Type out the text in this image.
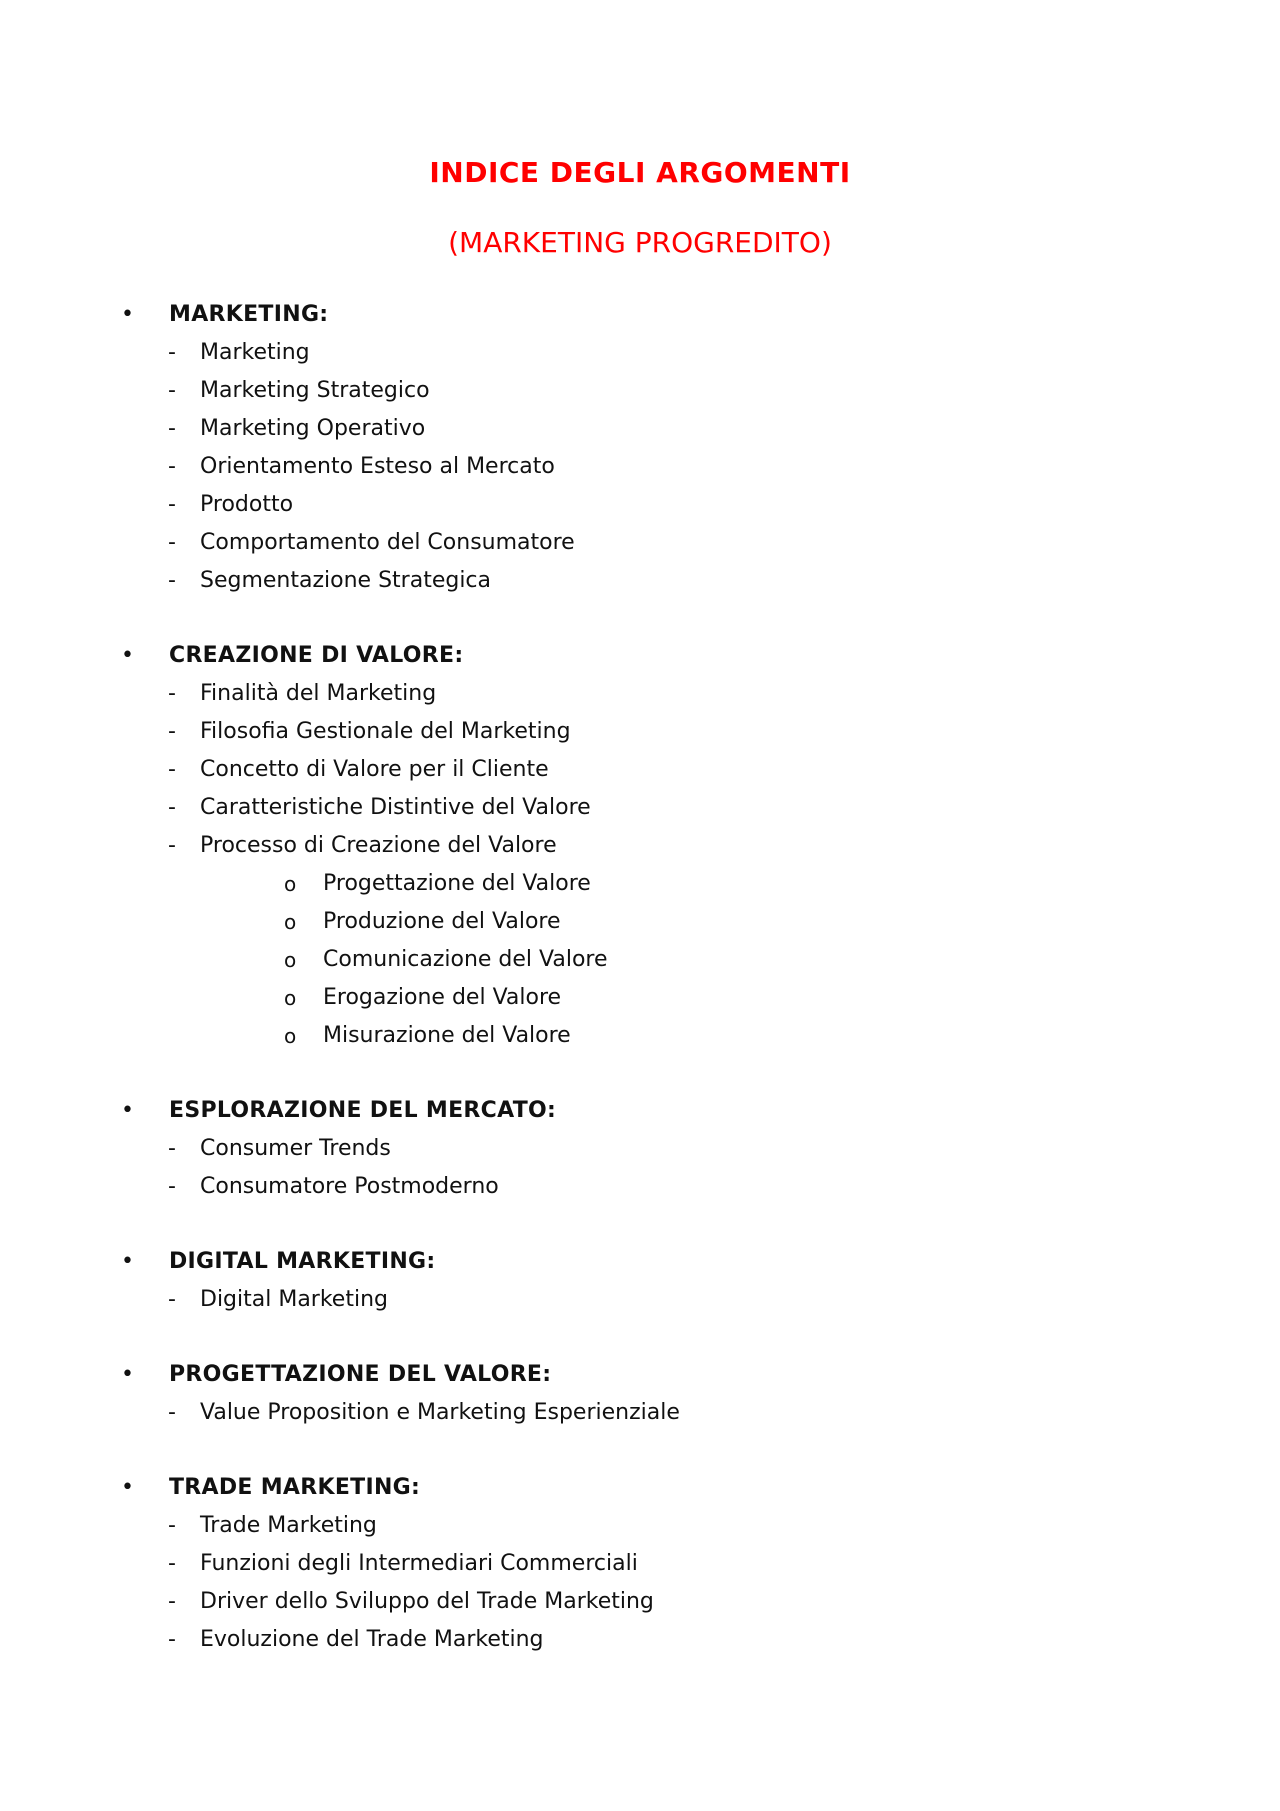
INDICE DEGLI ARGOMENTI
(MARKETING PROGREDITO)
• MARKETING:
- Marketing
- Marketing Strategico
- Marketing Operativo
- Orientamento Esteso al Mercato
- Prodotto
- Comportamento del Consumatore
- Segmentazione Strategica
• CREAZIONE DI VALORE:
- Finalità del Marketing
- Filosofia Gestionale del Marketing
- Concetto di Valore per il Cliente
- Caratteristiche Distintive del Valore
- Processo di Creazione del Valore
o Progettazione del Valore
o Produzione del Valore
o Comunicazione del Valore
o Erogazione del Valore
o Misurazione del Valore
• ESPLORAZIONE DEL MERCATO:
- Consumer Trends
- Consumatore Postmoderno
• DIGITAL MARKETING:
- Digital Marketing
• PROGETTAZIONE DEL VALORE:
- Value Proposition e Marketing Esperienziale
• TRADE MARKETING:
- Trade Marketing
- Funzioni degli Intermediari Commerciali
- Driver dello Sviluppo del Trade Marketing
- Evoluzione del Trade Marketing
